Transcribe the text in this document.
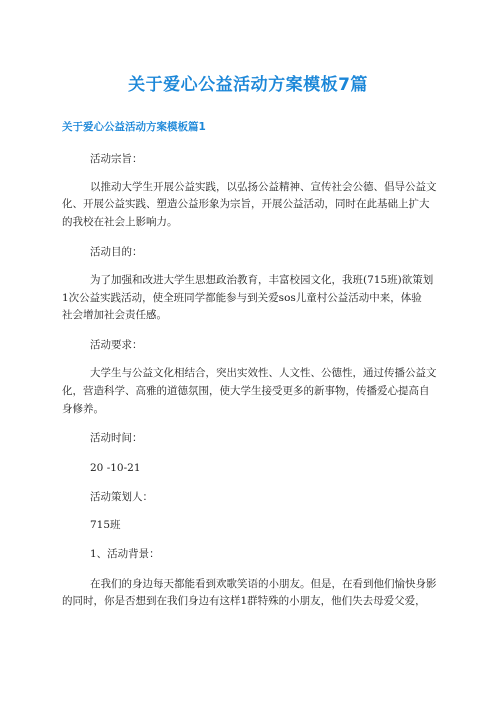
关于爱心公益活动方案模板7篇
关于爱心公益活动方案模板篇1
活动宗旨：
以推动大学生开展公益实践，以弘扬公益精神、宣传社会公德、倡导公益文
化、开展公益实践、塑造公益形象为宗旨，开展公益活动，同时在此基础上扩大
的我校在社会上影响力。
活动目的：
为了加强和改进大学生思想政治教育，丰富校园文化，我班(715班)欲策划
1次公益实践活动，使全班同学都能参与到关爱sos儿童村公益活动中来，体验
社会增加社会责任感。
活动要求：
大学生与公益文化相结合，突出实效性、人文性、公德性，通过传播公益文
化，营造科学、高雅的道德氛围，使大学生接受更多的新事物，传播爱心提高自
身修养。
活动时间：
20 -10-21
活动策划人：
715班
1、活动背景：
在我们的身边每天都能看到欢歌笑语的小朋友。但是，在看到他们愉快身影
的同时，你是否想到在我们身边有这样1群特殊的小朋友，他们失去母爱父爱，
